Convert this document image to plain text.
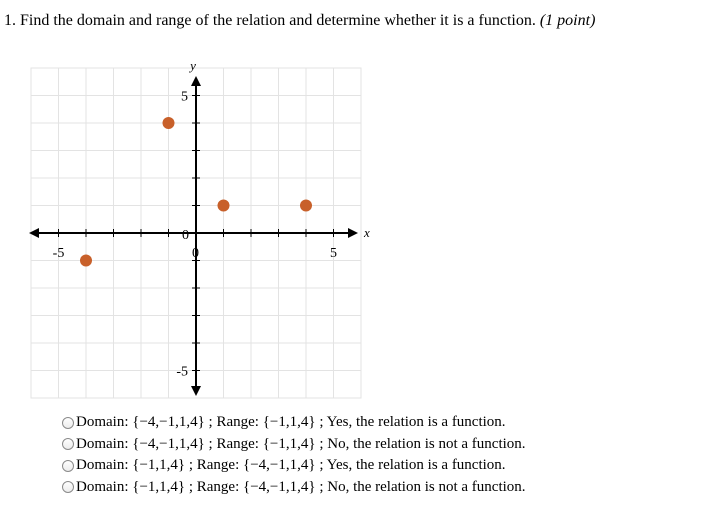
1. Find the domain and range of the relation and determine whether it is a function. (1 point)
x
y
0
0
-5	5
5
-5
Domain: {−4,−1,1,4} ; Range: {−1,1,4} ; Yes, the relation is a function.
Domain: {−4,−1,1,4} ; Range: {−1,1,4} ; No, the relation is not a function.
Domain: {−1,1,4} ; Range: {−4,−1,1,4} ; Yes, the relation is a function.
Domain: {−1,1,4} ; Range: {−4,−1,1,4} ; No, the relation is not a function.
